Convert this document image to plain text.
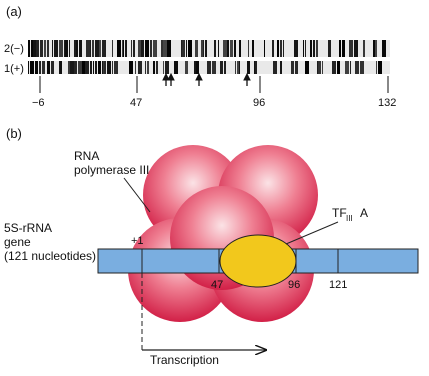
(a)
2(−)
1(+)
−6	47	96	132
(b)
RNA
polymerase III
TF III A
5S-rRNA
gene
(121 nucleotides)
+1
47	96	121
Transcription
